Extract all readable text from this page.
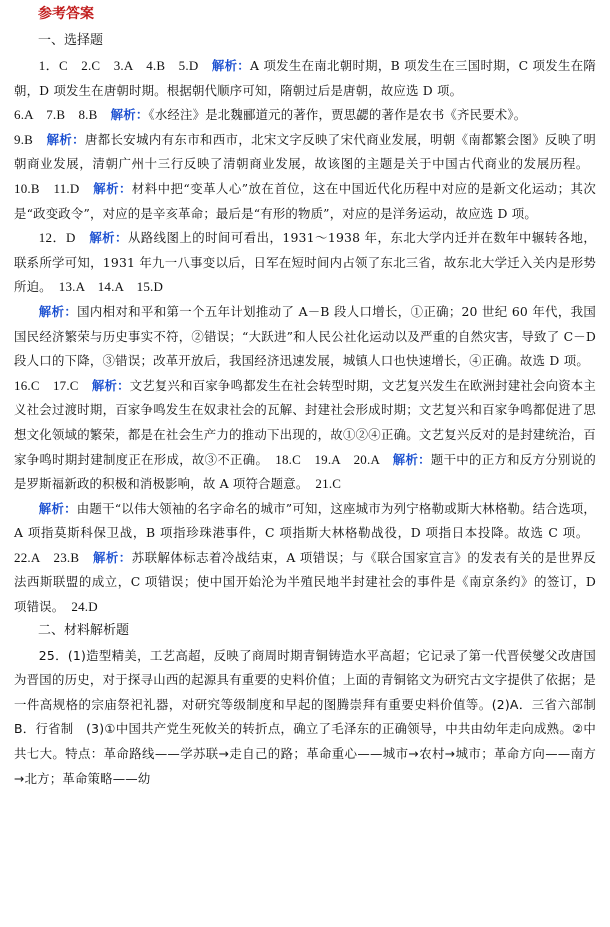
参考答案
一、选择题

1．C　2.C　3.A　4.B　5.D　解析：A 项发生在南北朝时期，B 项发生在三国时期，C 项发生在隋朝，D 项发生在唐朝时期。根据朝代顺序可知，隋朝过后是唐朝，故应选 D 项。

6.A　7.B　8.B　解析：《水经注》是北魏郦道元的著作，贾思勰的著作是农书《齐民要术》。

9.B　解析：唐都长安城内有东市和西市，北宋文字反映了宋代商业发展，明朝《南都繁会图》反映了明朝商业发展，清朝广州十三行反映了清朝商业发展，故该图的主题是关于中国古代商业的发展历程。　10.B　11.D　解析：材料中把“变革人心”放在首位，这在中国近代化历程中对应的是新文化运动；其次是“政变政令”，对应的是辛亥革命；最后是“有形的物质”，对应的是洋务运动，故应选 D 项。

12．D　解析：从路线图上的时间可看出，1931～1938 年，东北大学内迁并在数年中辗转各地，联系所学可知，1931 年九一八事变以后，日军在短时间内占领了东北三省，故东北大学迁入关内是形势所迫。　13.A　14.A　15.D

解析：国内相对和平和第一个五年计划推动了 A－B 段人口增长，①正确；20 世纪 60 年代，我国国民经济繁荣与历史事实不符，②错误；“大跃进”和人民公社化运动以及严重的自然灾害，导致了 C－D 段人口的下降，③错误；改革开放后，我国经济迅速发展，城镇人口也快速增长，④正确。故选 D 项。　16.C　17.C　解析：文艺复兴和百家争鸣都发生在社会转型时期，文艺复兴发生在欧洲封建社会向资本主义社会过渡时期，百家争鸣发生在奴隶社会的瓦解、封建社会形成时期；文艺复兴和百家争鸣都促进了思想文化领域的繁荣，都是在社会生产力的推动下出现的，故①②④正确。文艺复兴反对的是封建统治，百家争鸣时期封建制度正在形成，故③不正确。　18.C　19.A　20.A　解析：题干中的正方和反方分别说的是罗斯福新政的积极和消极影响，故 A 项符合题意。　21.C

解析：由题干“以伟大领袖的名字命名的城市”可知，这座城市为列宁格勒或斯大林格勒。结合选项，A 项指莫斯科保卫战，B 项指珍珠港事件，C 项指斯大林格勒战役，D 项指日本投降。故选 C 项。　22.A　23.B　解析：苏联解体标志着冷战结束，A 项错误；与《联合国家宣言》的发表有关的是世界反法西斯联盟的成立，C 项错误；使中国开始沦为半殖民地半封建社会的事件是《南京条约》的签订，D 项错误。　24.D

二、材料解析题

25．(1)造型精美，工艺高超，反映了商周时期青铜铸造水平高超；它记录了第一代晋侯燮父改唐国为晋国的历史，对于探寻山西的起源具有重要的史料价值；上面的青铜铭文为研究古文字提供了依据；是一件高规格的宗庙祭祀礼器，对研究等级制度和早起的图腾崇拜有重要史料价值等。(2)A．三省六部制　B．行省制　(3)①中国共产党生死攸关的转折点，确立了毛泽东的正确领导，中共由幼年走向成熟。②中共七大。特点：革命路线——学苏联→走自己的路；革命重心——城市→农村→城市；革命方向——南方→北方；革命策略——幼
